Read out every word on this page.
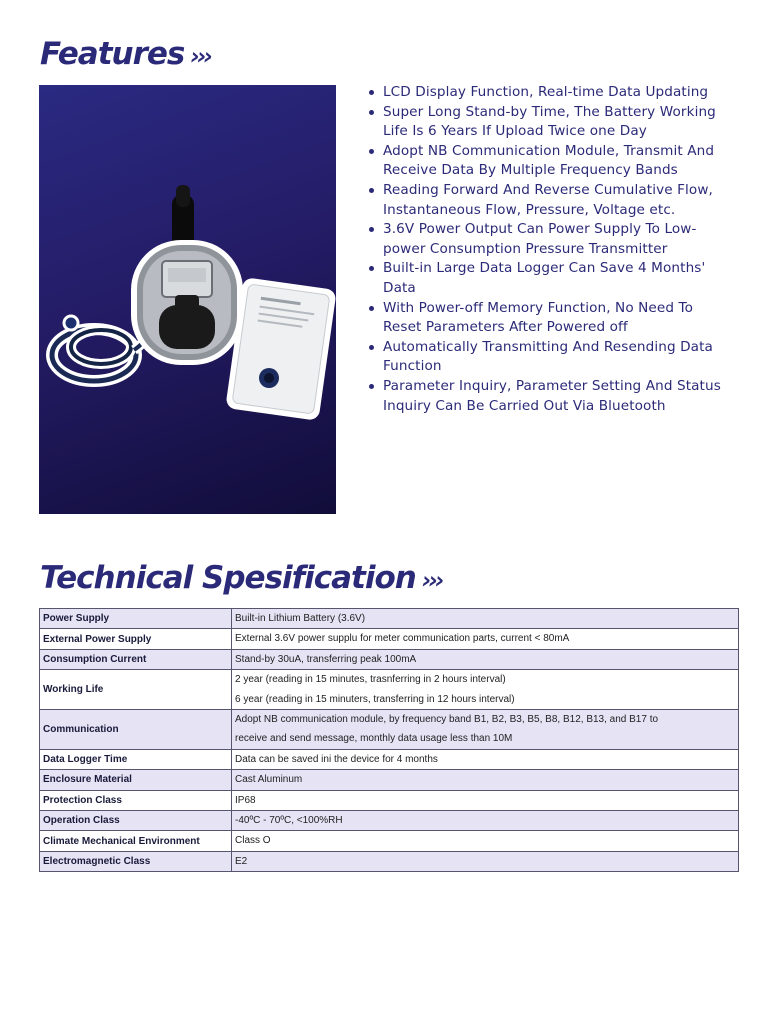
Features ›››
LCD Display Function, Real-time Data Updating
Super Long Stand-by Time, The Battery Working Life Is 6 Years If Upload Twice one Day
Adopt NB Communication Module, Transmit And Receive Data By Multiple Frequency Bands
Reading Forward And Reverse Cumulative Flow, Instantaneous Flow, Pressure, Voltage etc.
3.6V Power Output Can Power Supply To Low-power Consumption Pressure Transmitter
Built-in Large Data Logger Can Save 4 Months' Data
With Power-off Memory Function, No Need To Reset Parameters After Powered off
Automatically Transmitting And Resending Data Function
Parameter Inquiry, Parameter Setting And Status Inquiry Can Be Carried Out Via Bluetooth
Technical Spesification ›››
Power Supply	Built-in Lithium Battery (3.6V)

External Power Supply	External 3.6V power supplu for meter communication parts, current < 80mA

Consumption Current	Stand-by 30uA, transferring peak 100mA

Working Life	2 year (reading in 15 minutes, trasnferring in 2 hours interval)
6 year (reading in 15 minuters, transferring in 12 hours interval)

Communication	Adopt NB communication module, by frequency band B1, B2, B3, B5, B8, B12, B13, and B17 to
receive and send message, monthly data usage less than 10M

Data Logger Time	Data can be saved ini the device for 4 months

Enclosure Material	Cast Aluminum

Protection Class	IP68

Operation Class	-40ºC - 70ºC, <100%RH

Climate Mechanical Environment	Class O

Electromagnetic Class	E2
